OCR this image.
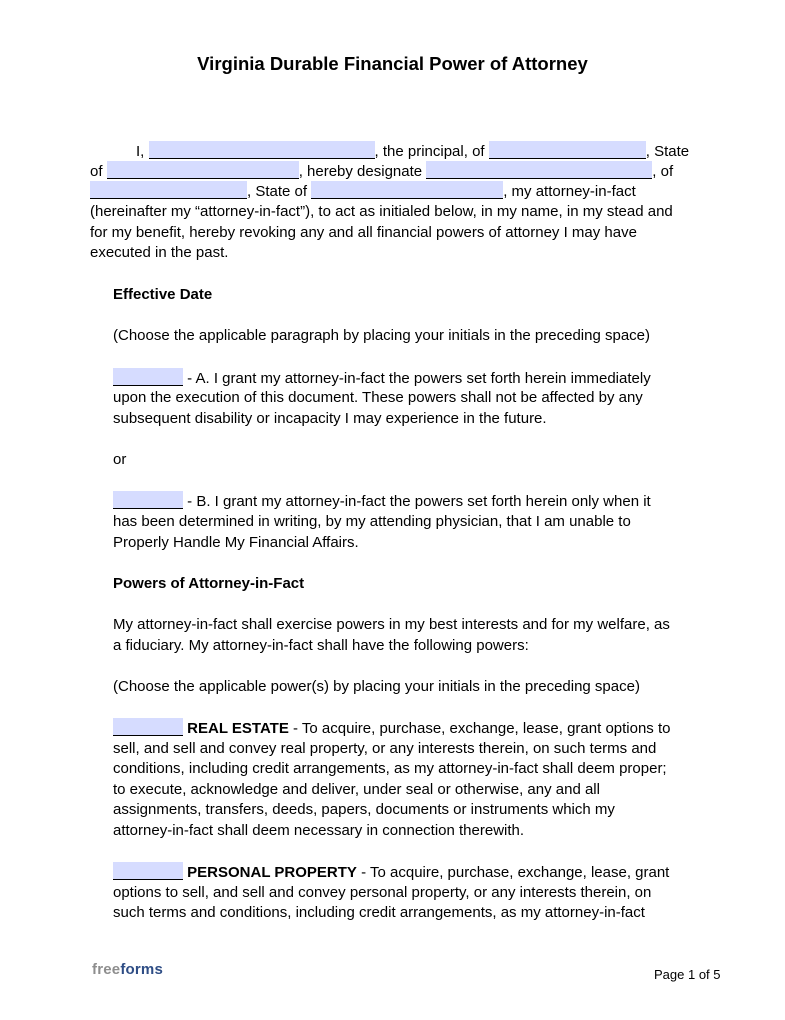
Virginia Durable Financial Power of Attorney
I,	, the principal, of	, State
of	, hereby designate	, of
, State of	, my attorney-in-fact
(hereinafter my “attorney-in-fact”), to act as initialed below, in my name, in my stead and
for my benefit, hereby revoking any and all financial powers of attorney I may have
executed in the past.
Effective Date
(Choose the applicable paragraph by placing your initials in the preceding space)
- A. I grant my attorney-in-fact the powers set forth herein immediately
upon the execution of this document. These powers shall not be affected by any
subsequent disability or incapacity I may experience in the future.
or
- B. I grant my attorney-in-fact the powers set forth herein only when it
has been determined in writing, by my attending physician, that I am unable to
Properly Handle My Financial Affairs.
Powers of Attorney-in-Fact
My attorney-in-fact shall exercise powers in my best interests and for my welfare, as
a fiduciary. My attorney-in-fact shall have the following powers:
(Choose the applicable power(s) by placing your initials in the preceding space)
REAL ESTATE - To acquire, purchase, exchange, lease, grant options to
sell, and sell and convey real property, or any interests therein, on such terms and
conditions, including credit arrangements, as my attorney-in-fact shall deem proper;
to execute, acknowledge and deliver, under seal or otherwise, any and all
assignments, transfers, deeds, papers, documents or instruments which my
attorney-in-fact shall deem necessary in connection therewith.
PERSONAL PROPERTY - To acquire, purchase, exchange, lease, grant
options to sell, and sell and convey personal property, or any interests therein, on
such terms and conditions, including credit arrangements, as my attorney-in-fact
freeforms	Page 1 of 5
